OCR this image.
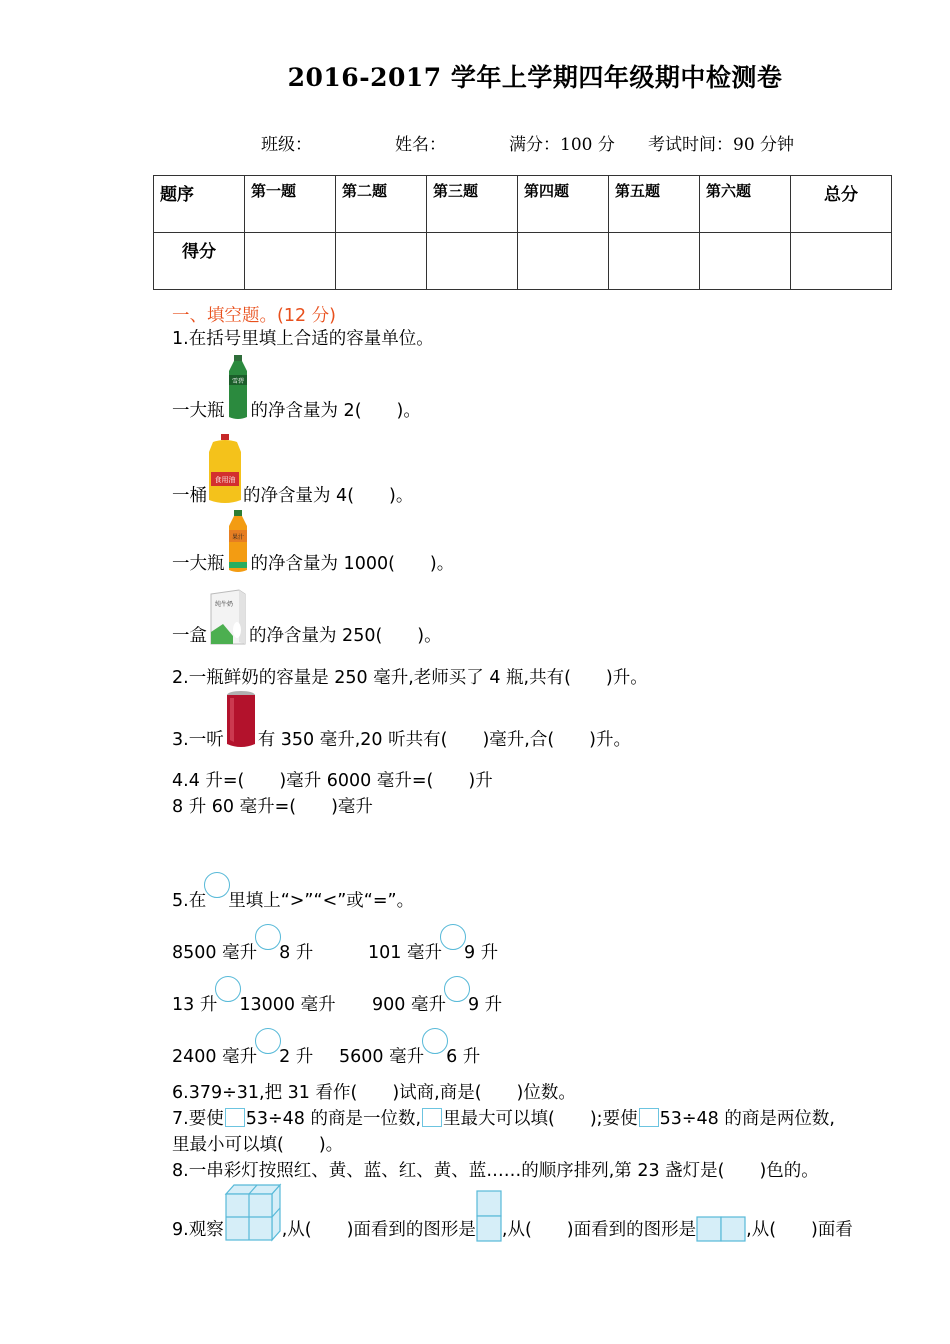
2016-2017 学年上学期四年级期中检测卷
班级：	姓名：	满分：100 分 考试时间：90 分钟
题序	第一题	第二题	第三题	第四题	第五题	第六题	总分
得分							
一、填空题。(12 分)
1.在括号里填上合适的容量单位。
一大瓶
雪碧
的净含量为 2(　　)。
一桶
食用油
的净含量为 4(　　)。
一大瓶
果汁
的净含量为 1000(　　)。
一盒
纯牛奶
的净含量为 250(　　)。
2.一瓶鲜奶的容量是 250 毫升,老师买了 4 瓶,共有(　　)升。
3.一听 有 350 毫升,20 听共有(　　)毫升,合(　　)升。
4.4 升=(　　)毫升 6000 毫升=(　　)升
8 升 60 毫升=(　　)毫升
5.在 里填上“>”“<”或“=”。
8500 毫升 8 升	101 毫升 9 升
13 升 13000 毫升 900 毫升 9 升
2400 毫升 2 升 5600 毫升 6 升
6.379÷31,把 31 看作(　　)试商,商是(　　)位数。
7.要使 53÷48 的商是一位数, 里最大可以填(　　);要使 53÷48 的商是两位数,
里最小可以填(　　)。
8.一串彩灯按照红、黄、蓝、红、黄、蓝……的顺序排列,第 23 盏灯是(　　)色的。
9.观察	,从(　　)面看到的图形是 ,从(　　)面看到的图形是	,从(　　)面看
